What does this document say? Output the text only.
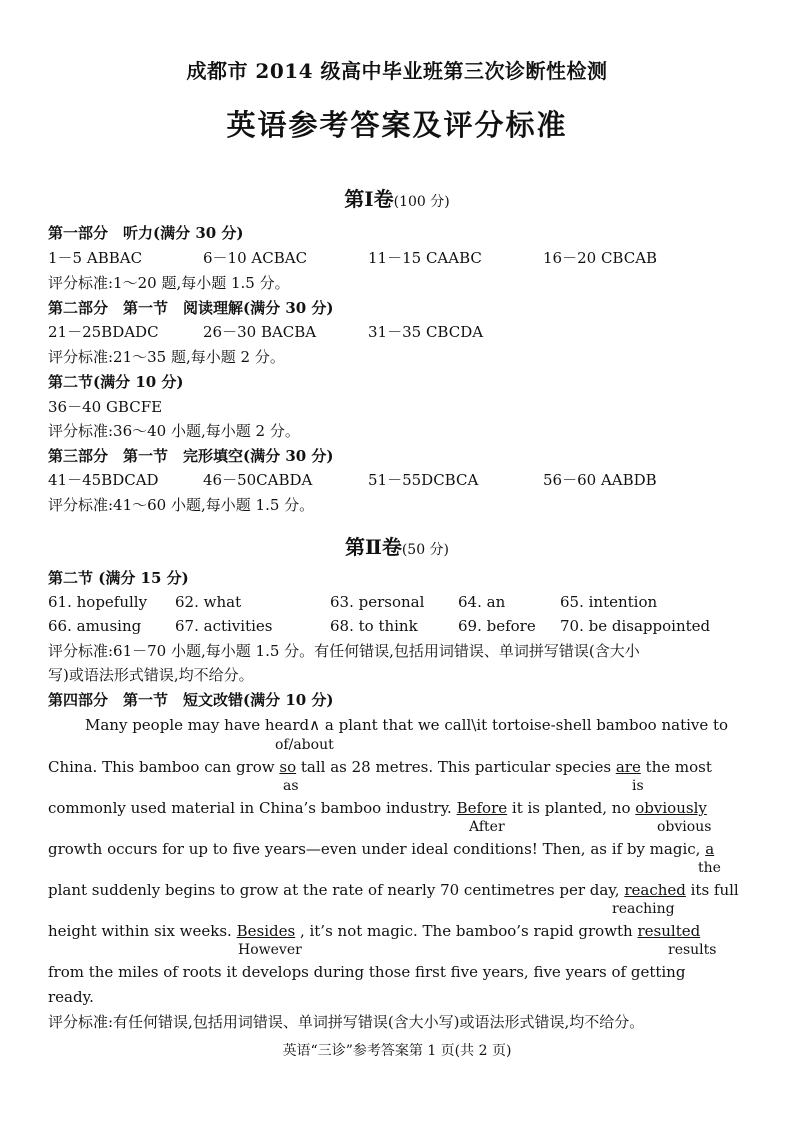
成都市 2014 级高中毕业班第三次诊断性检测
英语参考答案及评分标准
第Ⅰ卷(100 分)
第一部分　听力(满分 30 分)
1－5 ABBAC	6－10 ACBAC	11－15 CAABC	16－20 CBCAB
评分标准:1～20 题,每小题 1.5 分。
第二部分　第一节　阅读理解(满分 30 分)
21－25BDADC	26－30 BACBA	31－35 CBCDA
评分标准:21～35 题,每小题 2 分。
第二节(满分 10 分)
36－40 GBCFE
评分标准:36～40 小题,每小题 2 分。
第三部分　第一节　完形填空(满分 30 分)
41－45BDCAD	46－50CABDA	51－55DCBCA	56－60 AABDB
评分标准:41～60 小题,每小题 1.5 分。
第Ⅱ卷(50 分)
第二节 (满分 15 分)
61. hopefully 62. what	63. personal 64. an	65. intention
66. amusing 67. activities	68. to think	69. before 70. be disappointed
评分标准:61－70 小题,每小题 1.5 分。有任何错误,包括用词错误、单词拼写错误(含大小
写)或语法形式错误,均不给分。
第四部分　第一节　短文改错(满分 10 分)
Many people may have heard∧ a plant that we call\it tortoise-shell bamboo native to
of/about
China. This bamboo can grow so tall as 28 metres. This particular species are the most
as	is
commonly used material in China’s bamboo industry. Before it is planted, no obviously
After	obvious
growth occurs for up to five years—even under ideal conditions! Then, as if by magic, a
the
plant suddenly begins to grow at the rate of nearly 70 centimetres per day, reached its full
reaching
height within six weeks. Besides , it’s not magic. The bamboo’s rapid growth resulted
However	results
from the miles of roots it develops during those first five years, five years of getting
ready.
评分标准:有任何错误,包括用词错误、单词拼写错误(含大小写)或语法形式错误,均不给分。
英语“三诊”参考答案第 1 页(共 2 页)
